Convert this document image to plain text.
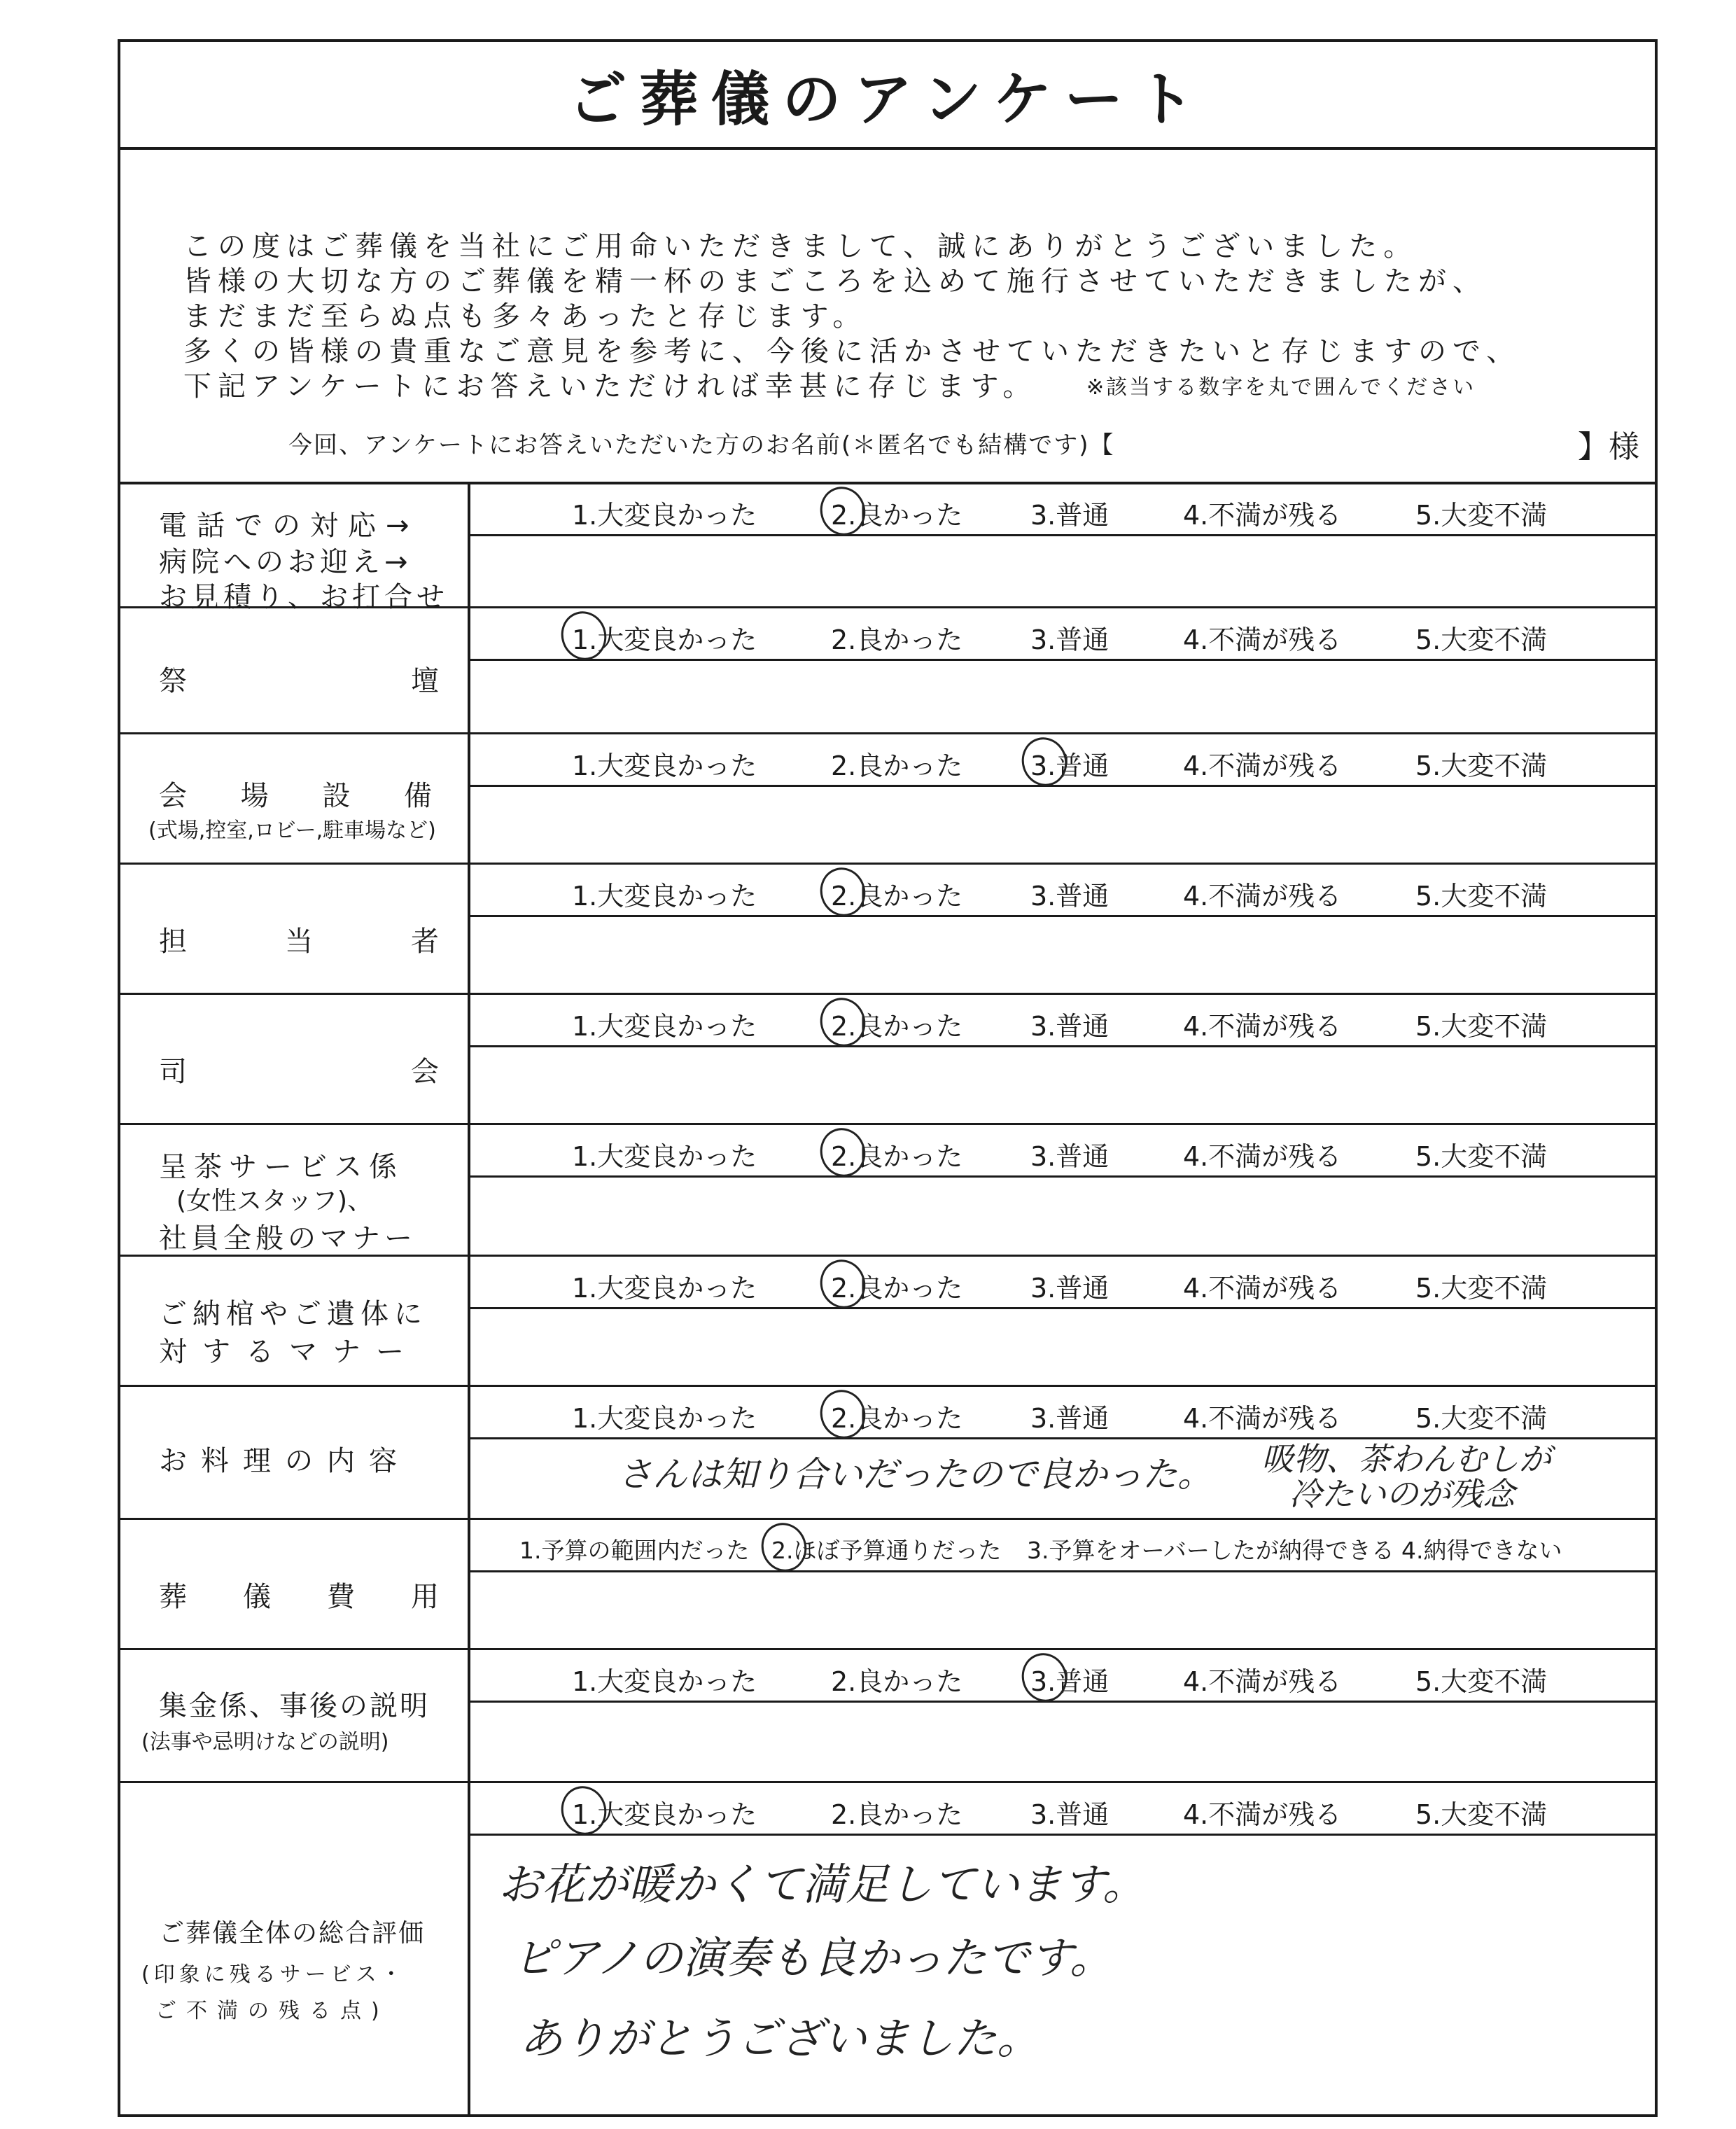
ご葬儀のアンケート
この度はご葬儀を当社にご用命いただきまして、誠にありがとうございました。
皆様の大切な方のご葬儀を精一杯のまごころを込めて施行させていただきましたが、
まだまだ至らぬ点も多々あったと存じます。
多くの皆様の貴重なご意見を参考に、今後に活かさせていただきたいと存じますので、
下記アンケートにお答えいただければ幸甚に存じます。 ※該当する数字を丸で囲んでください
今回、アンケートにお答えいただいた方のお名前(＊匿名でも結構です)【	】様
電話での対応→
病院へのお迎え→
お見積り、お打合せ
1.大変良かった	2.良かった	3.普通	4.不満が残る	5.大変不満
祭	壇
1.大変良かった	2.良かった	3.普通	4.不満が残る	5.大変不満
会 場 設 備
(式場,控室,ロビー,駐車場など)
1.大変良かった	2.良かった	3.普通	4.不満が残る	5.大変不満
担	当	者
1.大変良かった	2.良かった	3.普通	4.不満が残る	5.大変不満
司	会
1.大変良かった	2.良かった	3.普通	4.不満が残る	5.大変不満
呈茶サービス係
(女性スタッフ)、
社員全般のマナー
1.大変良かった	2.良かった	3.普通	4.不満が残る	5.大変不満
ご納棺やご遺体に
対するマナー
1.大変良かった	2.良かった	3.普通	4.不満が残る	5.大変不満
お料理の内容
1.大変良かった	2.良かった	3.普通	4.不満が残る	5.大変不満
さんは知り合いだったので良かった。 吸物、茶わんむしが
冷たいのが残念
葬 儀 費 用
1.予算の範囲内だった 2.ほぼ予算通りだった 3.予算をオーバーしたが納得できる 4.納得できない
集金係、事後の説明
(法事や忌明けなどの説明)
1.大変良かった	2.良かった	3.普通	4.不満が残る	5.大変不満
ご葬儀全体の総合評価
(印象に残るサービス・
ご不満の残る点)
1.大変良かった	2.良かった	3.普通	4.不満が残る	5.大変不満
お花が暖かくて満足しています。
ピアノの演奏も良かったです。
ありがとうございました。
